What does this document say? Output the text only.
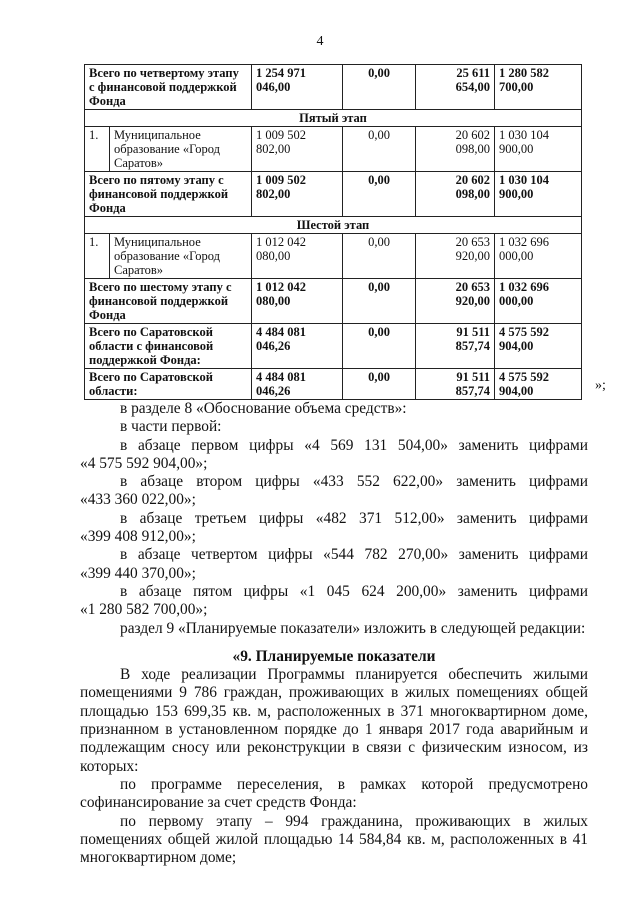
4
Всего по четвертому этапу с финансовой поддержкой Фонда		1 254 971 046,00	0,00	25 611 654,00	1 280 582 700,00
Пятый этап					
1.	Муниципальное образование «Город Саратов»	1 009 502 802,00	0,00	20 602 098,00	1 030 104 900,00
Всего по пятому этапу с финансовой поддержкой Фонда		1 009 502 802,00	0,00	20 602 098,00	1 030 104 900,00
Шестой этап					
1.	Муниципальное образование «Город Саратов»	1 012 042 080,00	0,00	20 653 920,00	1 032 696 000,00
Всего по шестому этапу с финансовой поддержкой Фонда		1 012 042 080,00	0,00	20 653 920,00	1 032 696 000,00
Всего по Саратовской области с финансовой поддержкой Фонда:		4 484 081 046,26	0,00	91 511 857,74	4 575 592 904,00
Всего по Саратовской области:		4 484 081 046,26	0,00	91 511 857,74	4 575 592 904,00	»;

в разделе 8 «Обоснование объема средств»:

в части первой:

в абзаце первом цифры «4 569 131 504,00» заменить цифрами

«4 575 592 904,00»;

в абзаце втором цифры «433 552 622,00» заменить цифрами

«433 360 022,00»;

в абзаце третьем цифры «482 371 512,00» заменить цифрами

«399 408 912,00»;

в абзаце четвертом цифры «544 782 270,00» заменить цифрами

«399 440 370,00»;

в абзаце пятом цифры «1 045 624 200,00» заменить цифрами

«1 280 582 700,00»;

раздел 9 «Планируемые показатели» изложить в следующей редакции:

«9. Планируемые показатели

В ходе реализации Программы планируется обеспечить жилыми помещениями 9 786 граждан, проживающих в жилых помещениях общей площадью 153 699,35 кв. м, расположенных в 371 многоквартирном доме, признанном в установленном порядке до 1 января 2017 года аварийным и подлежащим сносу или реконструкции в связи с физическим износом, из которых:

по программе переселения, в рамках которой предусмотрено софинансирование за счет средств Фонда:

по первому этапу – 994 гражданина, проживающих в жилых помещениях общей жилой площадью 14 584,84 кв. м, расположенных в 41 многоквартирном доме;
